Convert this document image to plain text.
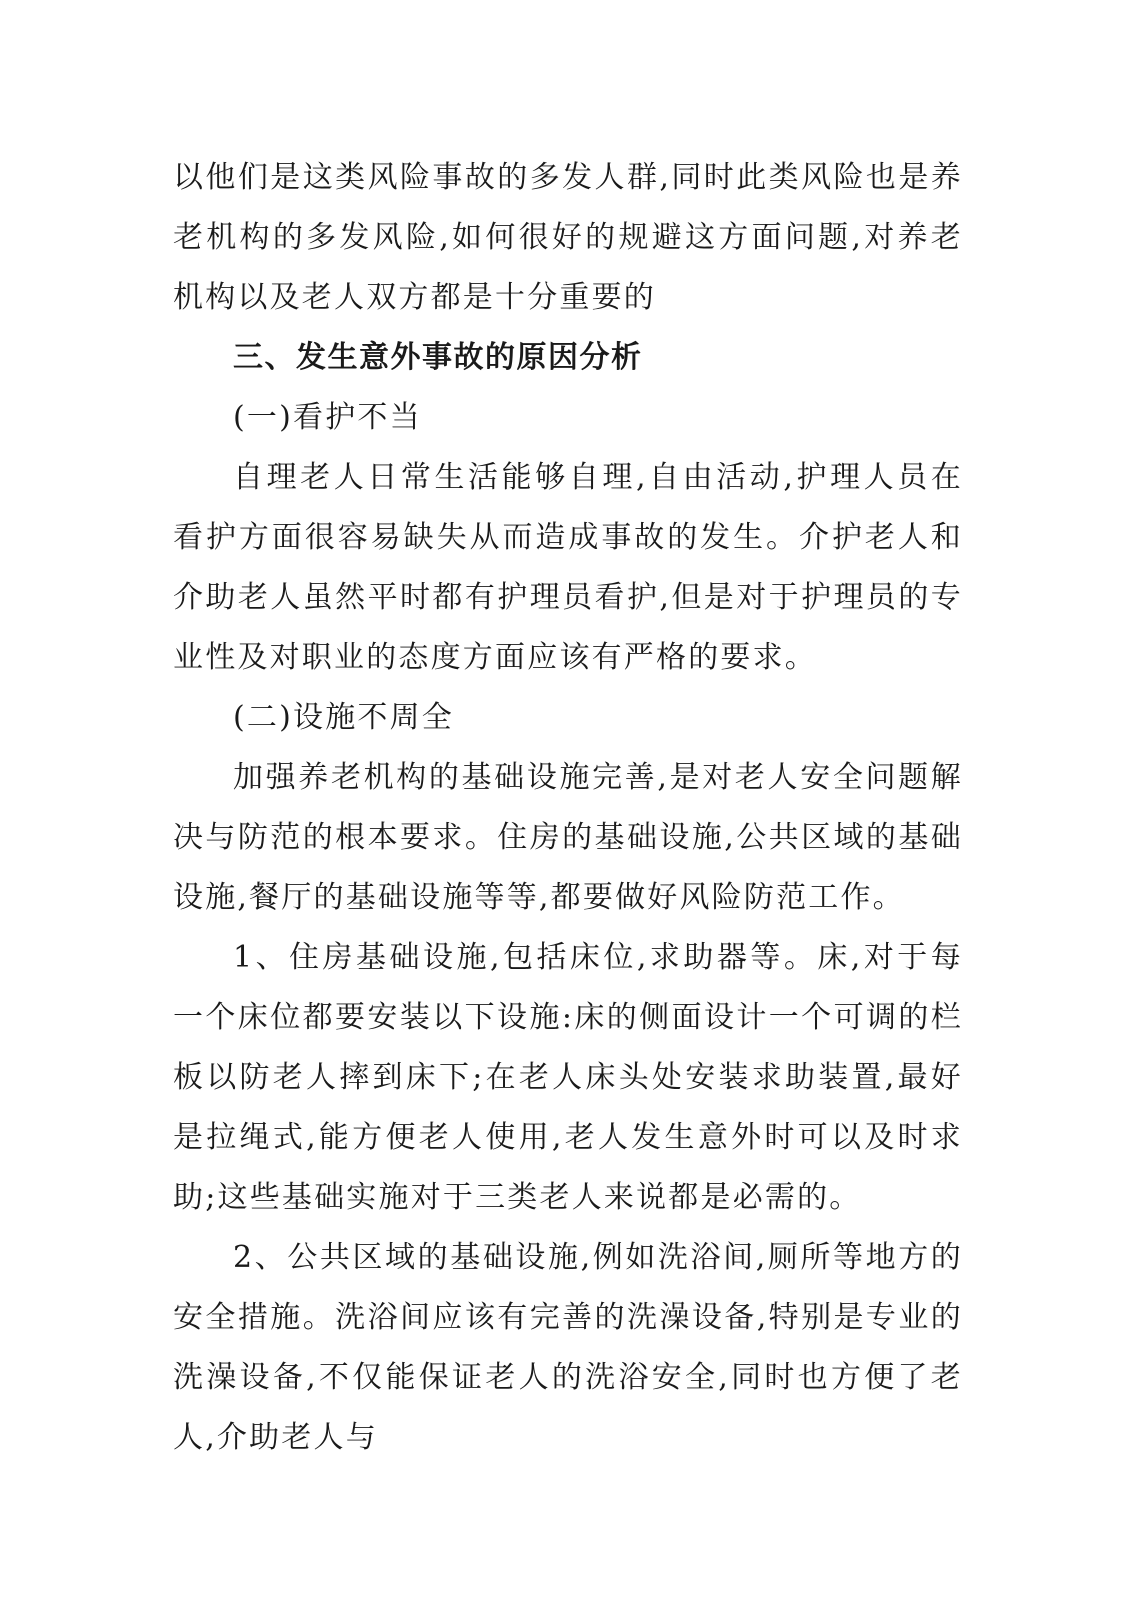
以他们是这类风险事故的多发人群,同时此类风险也是养老机构的多发风险,如何很好的规避这方面问题,对养老机构以及老人双方都是十分重要的

三、发生意外事故的原因分析

(一)看护不当

自理老人日常生活能够自理,自由活动,护理人员在看护方面很容易缺失从而造成事故的发生。介护老人和介助老人虽然平时都有护理员看护,但是对于护理员的专业性及对职业的态度方面应该有严格的要求。

(二)设施不周全

加强养老机构的基础设施完善,是对老人安全问题解决与防范的根本要求。住房的基础设施,公共区域的基础设施,餐厅的基础设施等等,都要做好风险防范工作。

1、住房基础设施,包括床位,求助器等。床,对于每一个床位都要安装以下设施:床的侧面设计一个可调的栏板以防老人摔到床下;在老人床头处安装求助装置,最好是拉绳式,能方便老人使用,老人发生意外时可以及时求助;这些基础实施对于三类老人来说都是必需的。

2、公共区域的基础设施,例如洗浴间,厕所等地方的安全措施。洗浴间应该有完善的洗澡设备,特别是专业的洗澡设备,不仅能保证老人的洗浴安全,同时也方便了老人,介助老人与
